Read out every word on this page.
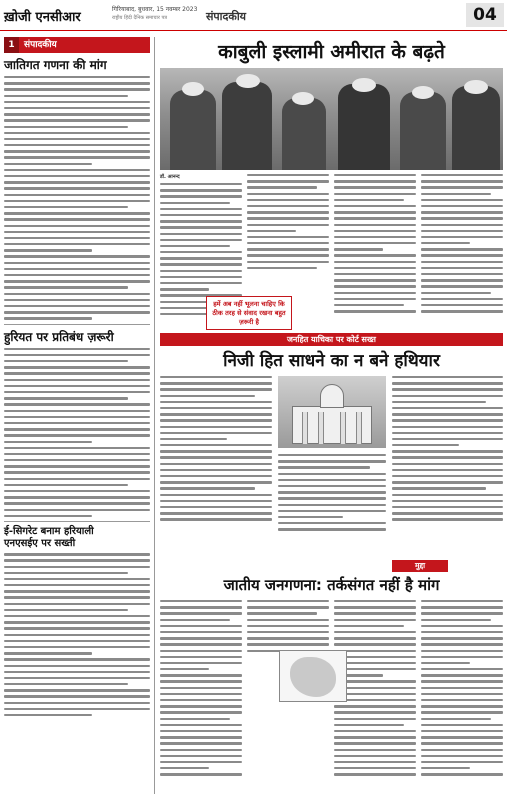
ख़ोजी एनसीआर
गिरियाबाद, बुधवार, 15 नवम्बर 2023
राष्ट्रीय हिंदी दैनिक समाचार पत्र	संपादकीय	04
1	संपादकीय
जातिगत गणना की मांग
हुरियत पर प्रतिबंध ज़रूरी
ई-सिगरेट बनाम हरियाली
एनएसईए पर सख्ती
काबुली इस्लामी अमीरात के बढ़ते
डॉ. आनन्द
हमें अब नहीं भूलना चाहिए कि ठीक तरह से संवाद रखना बहुत ज़रूरी है
जनहित याचिका पर कोर्ट सख्त
निजी हित साधने का न बने हथियार
मुद्दा
जातीय जनगणना: तर्कसंगत नहीं है मांग
